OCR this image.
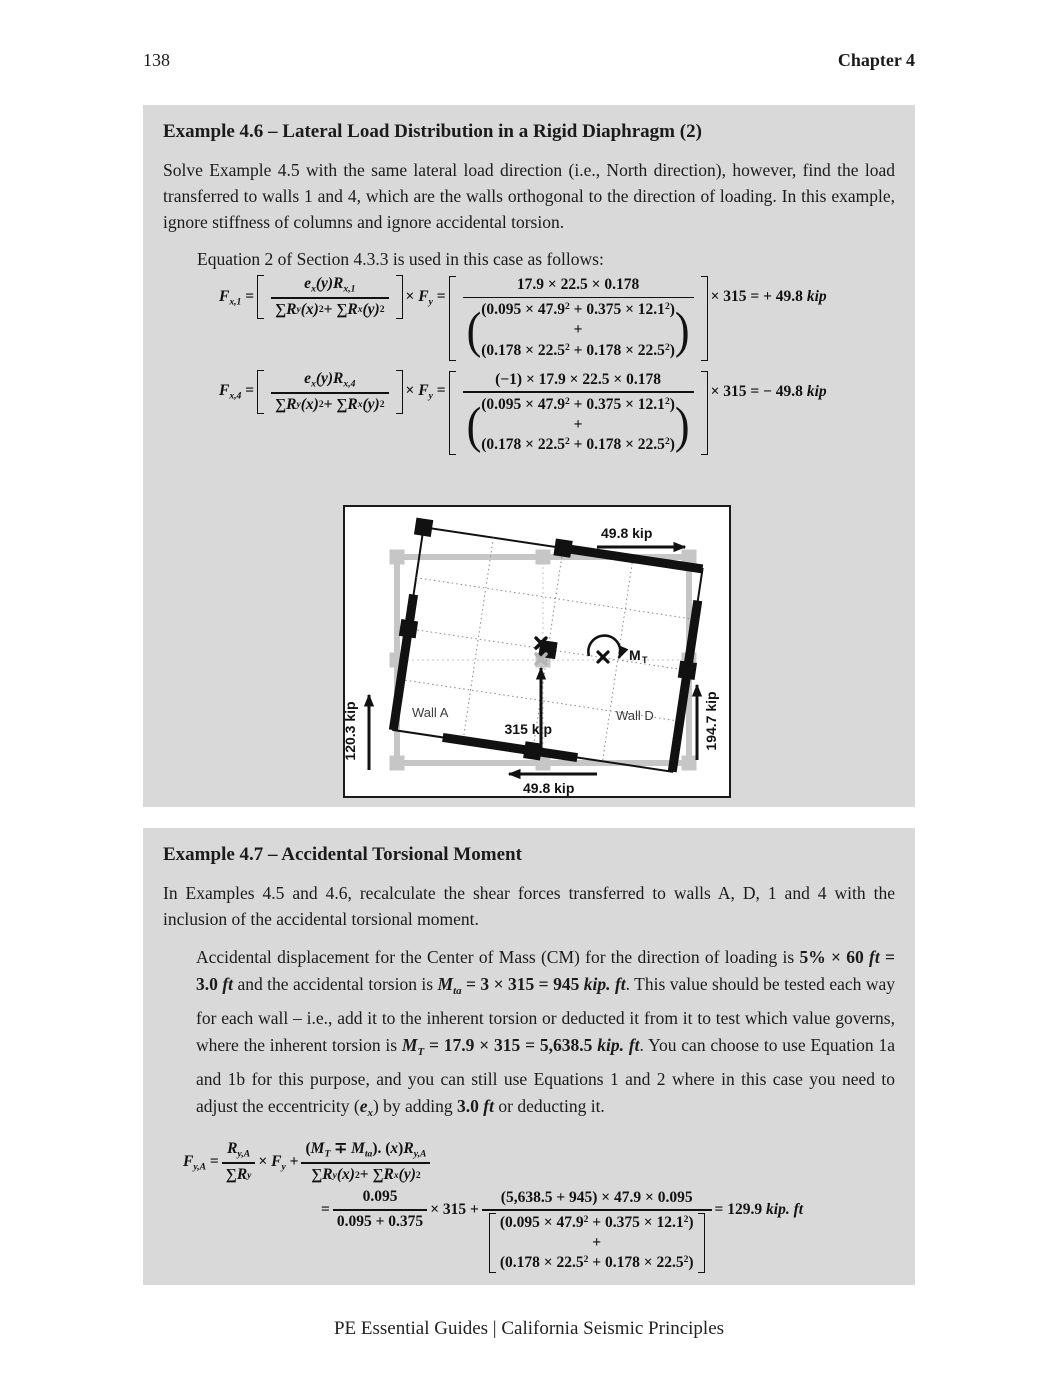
138	Chapter 4

Example 4.6 – Lateral Load Distribution in a Rigid Diaphragm (2)

Solve Example 4.5 with the same lateral load direction (i.e., North direction), however, find the load transferred to walls 1 and 4, which are the walls orthogonal to the direction of loading. In this example, ignore stiffness of columns and ignore accidental torsion.

Equation 2 of Section 4.3.3 is used in this case as follows:

$F_{x,1} = \frac{e_x(y)R_{x,1}}{\text{∑ R y (x) 2 + ∑ R x (y) 2}} \times F_y$ =
17.9 × 22.5 × 0.178
( $(0.095 \times 47.9^2 + 0.375 \times 12.1^2)$
+
$(0.178 \times 22.5^2 + 0.178 \times 22.5^2)$ )
× 315 = + 49.8 kip
$F_{x,4} = \frac{e_x(y)R_{x,4}}{\text{∑ R y (x) 2 + ∑ R x (y) 2}} \times F_y$ =
(−1) × 17.9 × 22.5 × 0.178
( $(0.095 \times 47.9^2 + 0.375 \times 12.1^2)$
+
$(0.178 \times 22.5^2 + 0.178 \times 22.5^2)$ )
× 315 = − 49.8 kip
49.8 kip
315 kip
M T
Wall A	Wall D
120.3 kip	194.7 kip
49.8 kip

Example 4.7 – Accidental Torsional Moment

In Examples 4.5 and 4.6, recalculate the shear forces transferred to walls A, D, 1 and 4 with the inclusion of the accidental torsional moment.

Accidental displacement for the Center of Mass (CM) for the direction of loading is 5% × 60 ft = 3.0 ft and the accidental torsion is $M_{ta} = 3 \times 315 = 945$ kip. ft. This value should be tested each way for each wall – i.e., add it to the inherent torsion or deducted it from it to test which value governs, where the inherent torsion is $M_T = 17.9 \times 315 = 5,638.5$ kip. ft. You can choose to use Equation 1a and 1b for this purpose, and you can still use Equations 1 and 2 where in this case you need to adjust the eccentricity $(e_x)$ by adding 3.0 ft or deducting it.

$F_{y,A} = \frac{R_{y,A}}{\text{∑ R y}} \times F_y + \frac{(M_T \mp M_{ta}). (x)R_{y,A}}{\text{∑ R y (x) 2 + ∑ R x (y) 2}}$
= $\frac{0.095}{0.095 + 0.375} \times 315$ +
(5,638.5 + 945) × 47.9 × 0.095
$(0.095 \times 47.9^2 + 0.375 \times 12.1^2)$
+
$(0.178 \times 22.5^2 + 0.178 \times 22.5^2)$
= 129.9 kip. ft
PE Essential Guides | California Seismic Principles
